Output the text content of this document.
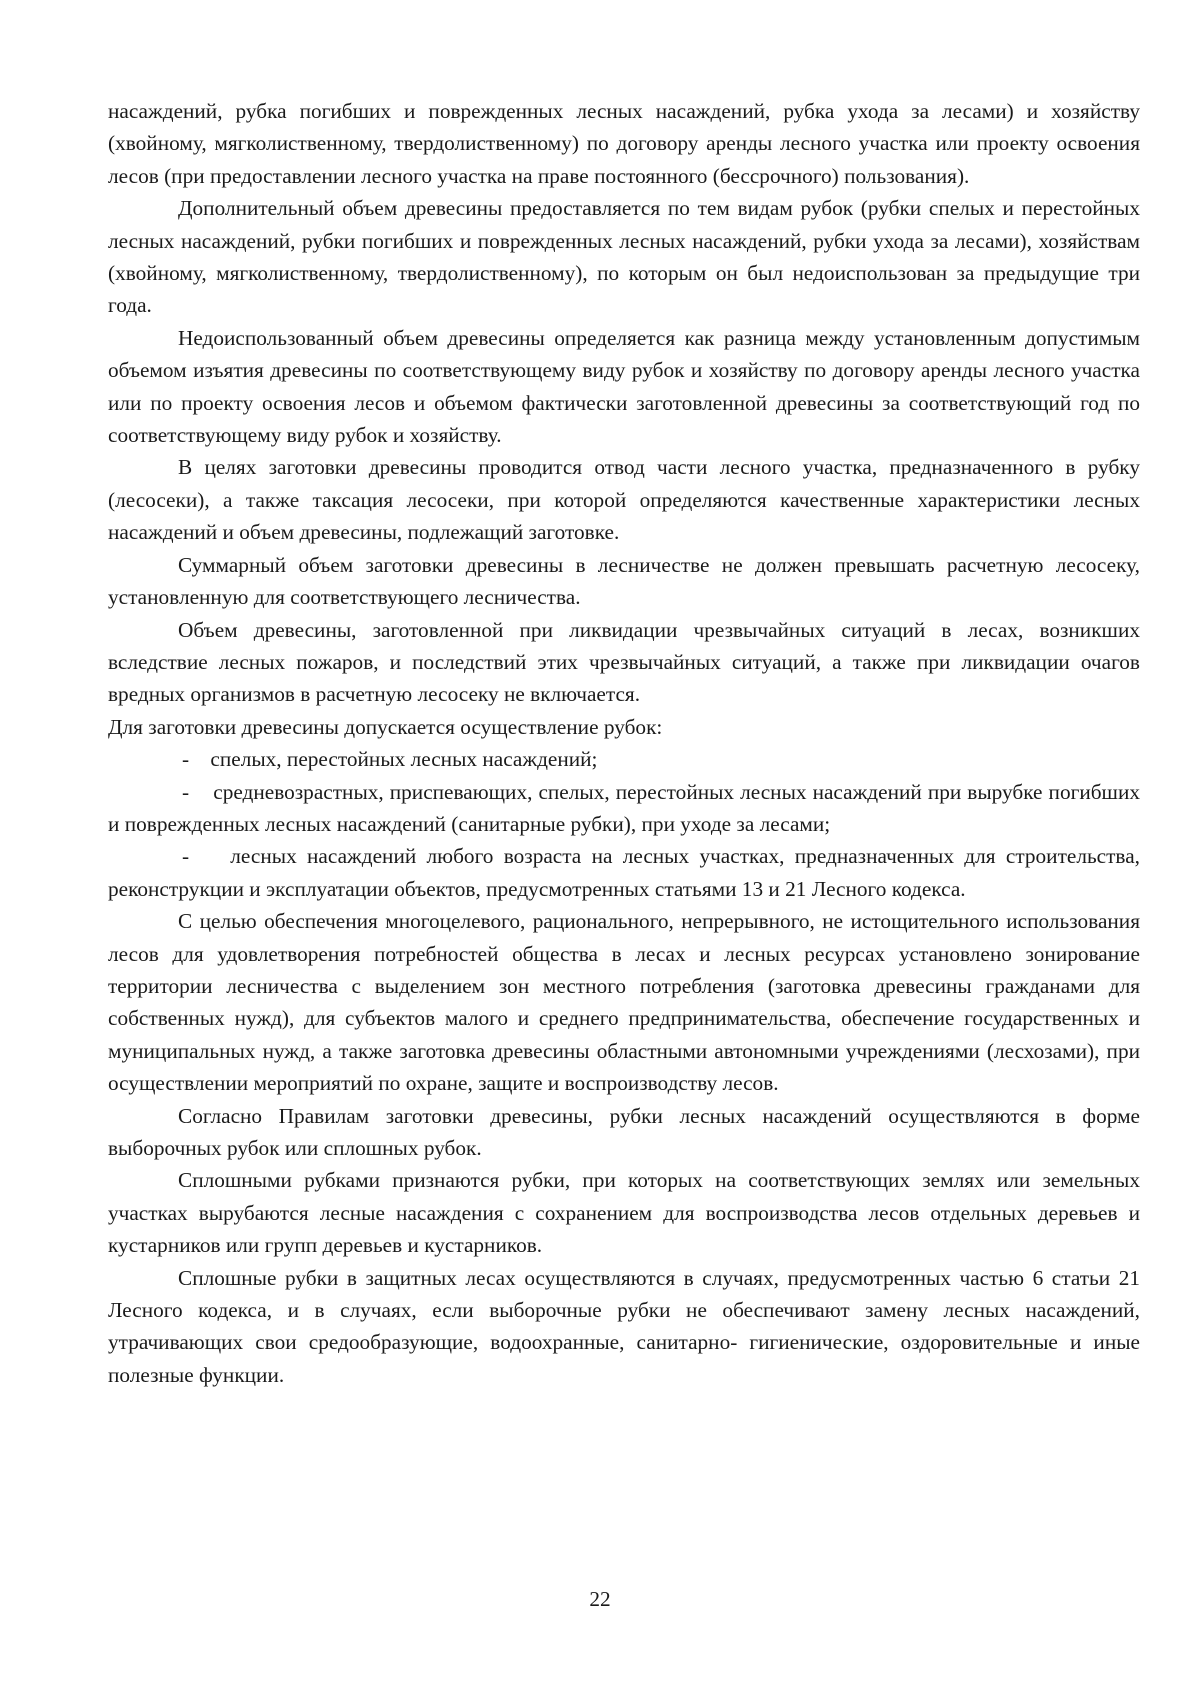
насаждений, рубка погибших и поврежденных лесных насаждений, рубка ухода за лесами) и хозяйству (хвойному, мягколиственному, твердолиственному) по договору аренды лесного участка или проекту освоения лесов (при предоставлении лесного участка на праве постоянного (бессрочного) пользования).

Дополнительный объем древесины предоставляется по тем видам рубок (рубки спелых и перестойных лесных насаждений, рубки погибших и поврежденных лесных насаждений, рубки ухода за лесами), хозяйствам (хвойному, мягколиственному, твердолиственному), по которым он был недоиспользован за предыдущие три года.

Недоиспользованный объем древесины определяется как разница между установленным допустимым объемом изъятия древесины по соответствующему виду рубок и хозяйству по договору аренды лесного участка или по проекту освоения лесов и объемом фактически заготовленной древесины за соответствующий год по соответствующему виду рубок и хозяйству.

В целях заготовки древесины проводится отвод части лесного участка, предназначенного в рубку (лесосеки), а также таксация лесосеки, при которой определяются качественные характеристики лесных насаждений и объем древесины, подлежащий заготовке.

Суммарный объем заготовки древесины в лесничестве не должен превышать расчетную лесосеку, установленную для соответствующего лесничества.

Объем древесины, заготовленной при ликвидации чрезвычайных ситуаций в лесах, возникших вследствие лесных пожаров, и последствий этих чрезвычайных ситуаций, а также при ликвидации очагов вредных организмов в расчетную лесосеку не включается.

Для заготовки древесины допускается осуществление рубок:

-    спелых, перестойных лесных насаждений;

-    средневозрастных, приспевающих, спелых, перестойных лесных насаждений при вырубке погибших и поврежденных лесных насаждений (санитарные рубки), при уходе за лесами;

-    лесных насаждений любого возраста на лесных участках, предназначенных для строительства, реконструкции и эксплуатации объектов, предусмотренных статьями 13 и 21 Лесного кодекса.

С целью обеспечения многоцелевого, рационального, непрерывного, не истощительного использования лесов для удовлетворения потребностей общества в лесах и лесных ресурсах установлено зонирование территории лесничества с выделением зон местного потребления (заготовка древесины гражданами для собственных нужд), для субъектов малого и среднего предпринимательства, обеспечение государственных и муниципальных нужд, а также заготовка древесины областными автономными учреждениями (лесхозами), при осуществлении мероприятий по охране, защите и воспроизводству лесов.

Согласно Правилам заготовки древесины, рубки лесных насаждений осуществляются в форме выборочных рубок или сплошных рубок.

Сплошными рубками признаются рубки, при которых на соответствующих землях или земельных участках вырубаются лесные насаждения с сохранением для воспроизводства лесов отдельных деревьев и кустарников или групп деревьев и кустарников.

Сплошные рубки в защитных лесах осуществляются в случаях, предусмотренных частью 6 статьи 21 Лесного кодекса, и в случаях, если выборочные рубки не обеспечивают замену лесных насаждений, утрачивающих свои средообразующие, водоохранные, санитарно- гигиенические, оздоровительные и иные полезные функции.

22
